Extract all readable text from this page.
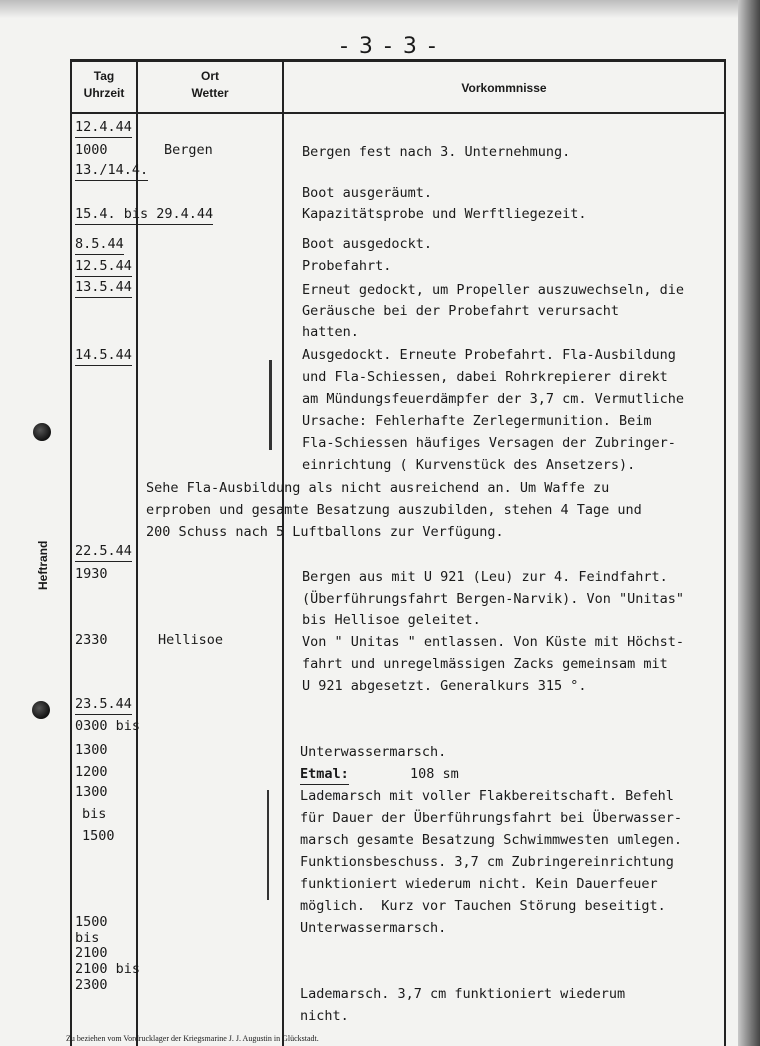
- 3 - 3 -
Heftrand
Tag
Uhrzeit
Ort
Wetter	Vorkommnisse
12.4.44
1000
13./14.4.
15.4. bis 29.4.44
8.5.44
12.5.44
13.5.44
14.5.44
22.5.44
1930
2330
23.5.44
0300 bis
1300
1200
1300
bis
1500
1500
bis
2100
2100 bis
2300
Bergen
Hellisoe
Bergen fest nach 3. Unternehmung.
Boot ausgeräumt.
Kapazitätsprobe und Werftliegezeit.
Boot ausgedockt.
Probefahrt.
Erneut gedockt, um Propeller auszuwechseln, die
Geräusche bei der Probefahrt verursacht
hatten.
Ausgedockt. Erneute Probefahrt. Fla-Ausbildung
und Fla-Schiessen, dabei Rohrkrepierer direkt
am Mündungsfeuerdämpfer der 3,7 cm. Vermutliche
Ursache: Fehlerhafte Zerlegermunition. Beim
Fla-Schiessen häufiges Versagen der Zubringer-
einrichtung ( Kurvenstück des Ansetzers).
Sehe Fla-Ausbildung als nicht ausreichend an. Um Waffe zu
erproben und gesamte Besatzung auszubilden, stehen 4 Tage und
200 Schuss nach 5 Luftballons zur Verfügung.
Bergen aus mit U 921 (Leu) zur 4. Feindfahrt.
(Überführungsfahrt Bergen-Narvik). Von "Unitas"
bis Hellisoe geleitet.
Von " Unitas " entlassen. Von Küste mit Höchst-
fahrt und unregelmässigen Zacks gemeinsam mit
U 921 abgesetzt. Generalkurs 315 °.
Unterwassermarsch.
Etmal:	108 sm
Lademarsch mit voller Flakbereitschaft. Befehl
für Dauer der Überführungsfahrt bei Überwasser-
marsch gesamte Besatzung Schwimmwesten umlegen.
Funktionsbeschuss. 3,7 cm Zubringereinrichtung
funktioniert wiederum nicht. Kein Dauerfeuer
möglich.  Kurz vor Tauchen Störung beseitigt.
Unterwassermarsch.
Lademarsch. 3,7 cm funktioniert wiederum
nicht.
Zu beziehen vom Vordrucklager der Kriegsmarine J. J. Augustin in Glückstadt.
